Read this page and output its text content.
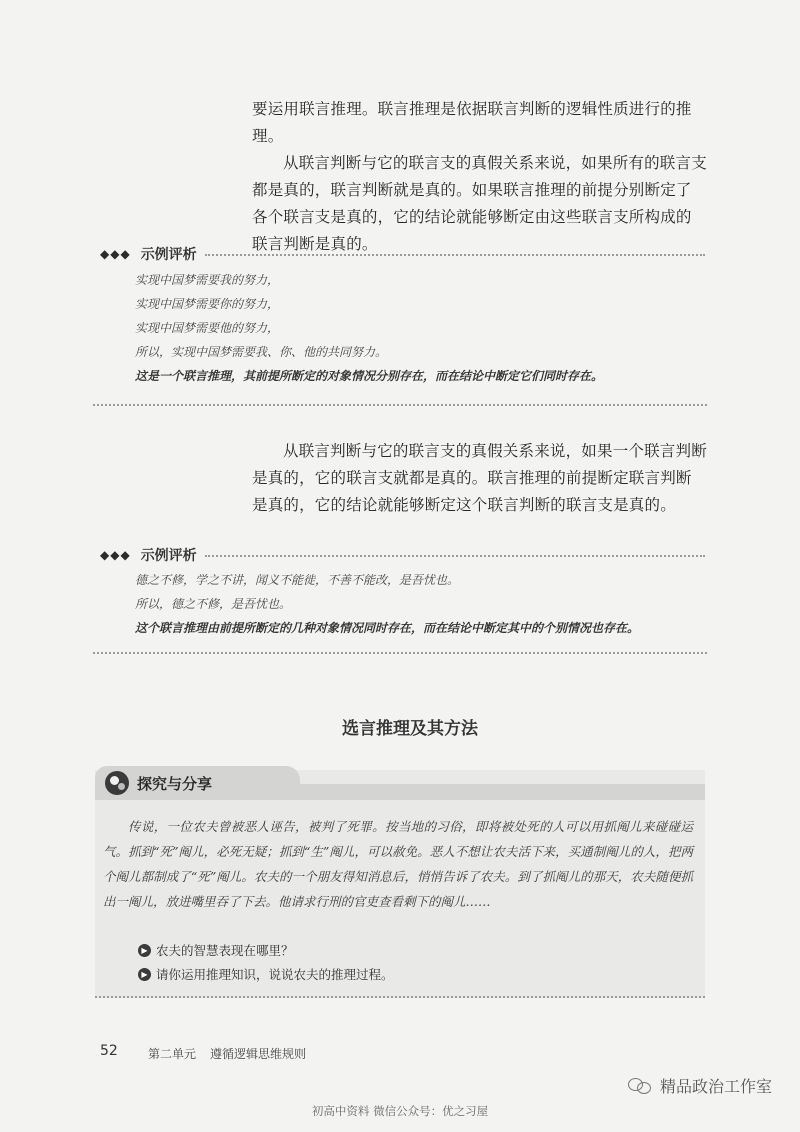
要运用联言推理。联言推理是依据联言判断的逻辑性质进行的推理。

从联言判断与它的联言支的真假关系来说，如果所有的联言支都是真的，联言判断就是真的。如果联言推理的前提分别断定了各个联言支是真的，它的结论就能够断定由这些联言支所构成的联言判断是真的。

◆◆◆ 示例评析
实现中国梦需要我的努力，
实现中国梦需要你的努力，
实现中国梦需要他的努力，
所以，实现中国梦需要我、你、他的共同努力。
这是一个联言推理，其前提所断定的对象情况分别存在，而在结论中断定它们同时存在。

从联言判断与它的联言支的真假关系来说，如果一个联言判断是真的，它的联言支就都是真的。联言推理的前提断定联言判断是真的，它的结论就能够断定这个联言判断的联言支是真的。

◆◆◆ 示例评析
德之不修，学之不讲，闻义不能徙，不善不能改，是吾忧也。
所以，德之不修，是吾忧也。
这个联言推理由前提所断定的几种对象情况同时存在，而在结论中断定其中的个别情况也存在。
选言推理及其方法
探究与分享
传说，一位农夫曾被恶人诬告，被判了死罪。按当地的习俗，即将被处死的人可以用抓阄儿来碰碰运气。抓到“死”阄儿，必死无疑；抓到“生”阄儿，可以赦免。恶人不想让农夫活下来，买通制阄儿的人，把两个阄儿都制成了“死”阄儿。农夫的一个朋友得知消息后，悄悄告诉了农夫。到了抓阄儿的那天，农夫随便抓出一阄儿，放进嘴里吞了下去。他请求行刑的官吏查看剩下的阄儿……
▶ 农夫的智慧表现在哪里？
▶ 请你运用推理知识，说说农夫的推理过程。
52	第二单元 遵循逻辑思维规则
精品政治工作室
初高中资料 微信公众号：优之习屋
